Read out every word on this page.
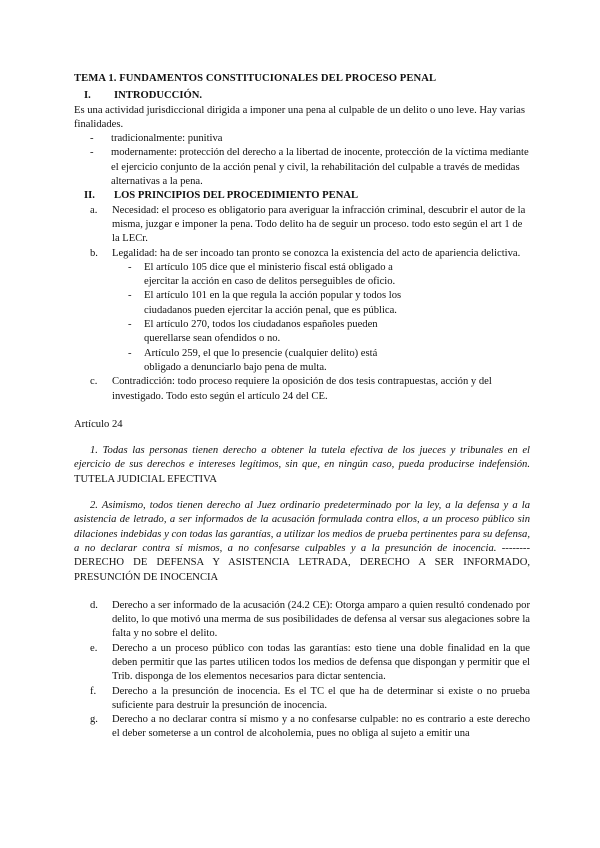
TEMA 1. FUNDAMENTOS CONSTITUCIONALES DEL PROCESO PENAL
I.	INTRODUCCIÓN.

Es una actividad jurisdiccional dirigida a imponer una pena al culpable de un delito o uno leve. Hay varias finalidades.

-	tradicionalmente: punitiva
-	modernamente: protección del derecho a la libertad de inocente, protección de la víctima mediante el ejercicio conjunto de la acción penal y civil, la rehabilitación del culpable a través de medidas alternativas a la pena.
II.	LOS PRINCIPIOS DEL PROCEDIMIENTO PENAL
a.	Necesidad: el proceso es obligatorio para averiguar la infracción criminal, descubrir el autor de la misma, juzgar e imponer la pena. Todo delito ha de seguir un proceso. todo esto según el art 1 de la LECr.
b.	Legalidad: ha de ser incoado tan pronto se conozca la existencia del acto de apariencia delictiva.
-	El artículo 105 dice que el ministerio fiscal está obligado a ejercitar la acción en caso de delitos perseguibles de oficio.
-	El artículo 101 en la que regula la acción popular y todos los ciudadanos pueden ejercitar la acción penal, que es pública.
-	El artículo 270, todos los ciudadanos españoles pueden querellarse sean ofendidos o no.
-	Artículo 259, el que lo presencie (cualquier delito) está obligado a denunciarlo bajo pena de multa.
c.	Contradicción: todo proceso requiere la oposición de dos tesis contrapuestas, acción y del investigado. Todo esto según el artículo 24 del CE.

Artículo 24

1. Todas las personas tienen derecho a obtener la tutela efectiva de los jueces y tribunales en el ejercicio de sus derechos e intereses legítimos, sin que, en ningún caso, pueda producirse indefensión. TUTELA JUDICIAL EFECTIVA

2. Asimismo, todos tienen derecho al Juez ordinario predeterminado por la ley, a la defensa y a la asistencia de letrado, a ser informados de la acusación formulada contra ellos, a un proceso público sin dilaciones indebidas y con todas las garantías, a utilizar los medios de prueba pertinentes para su defensa, a no declarar contra sí mismos, a no confesarse culpables y a la presunción de inocencia. -------- DERECHO DE DEFENSA Y ASISTENCIA LETRADA, DERECHO A SER INFORMADO, PRESUNCIÓN DE INOCENCIA

d.	Derecho a ser informado de la acusación (24.2 CE): Otorga amparo a quien resultó condenado por delito, lo que motivó una merma de sus posibilidades de defensa al versar sus alegaciones sobre la falta y no sobre el delito.
e.	Derecho a un proceso público con todas las garantías: esto tiene una doble finalidad en la que deben permitir que las partes utilicen todos los medios de defensa que dispongan y permitir que el Trib. disponga de los elementos necesarios para dictar sentencia.
f.	Derecho a la presunción de inocencia. Es el TC el que ha de determinar si existe o no prueba suficiente para destruir la presunción de inocencia.
g.	Derecho a no declarar contra sí mismo y a no confesarse culpable: no es contrario a este derecho el deber someterse a un control de alcoholemia, pues no obliga al sujeto a emitir una
